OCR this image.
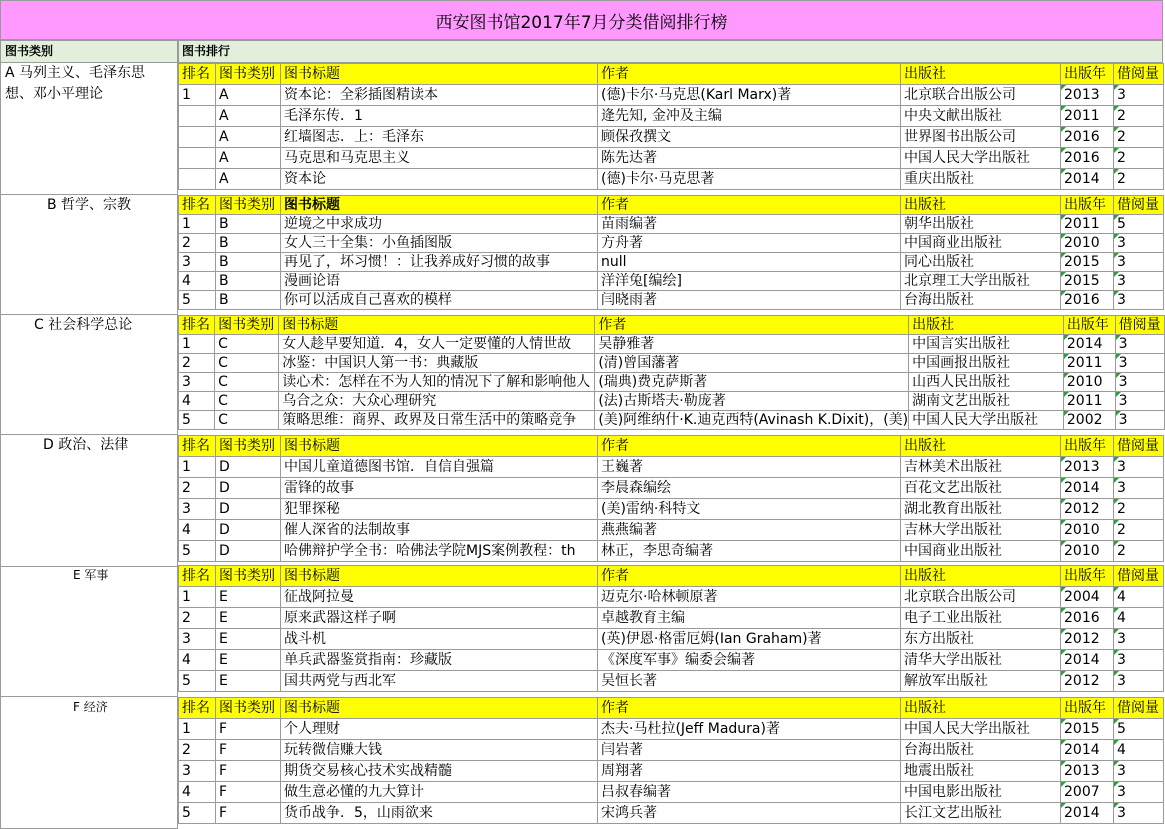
西安图书馆2017年7月分类借阅排行榜
图书类别	图书排行
A 马列主义、毛泽东思想、邓小平理论
排名	图书类别	图书标题	作者	出版社	出版年	借阅量
1	A	资本论：全彩插图精读本	(德)卡尔·马克思(Karl Marx)著	北京联合出版公司	2013	3
	A	毛泽东传．1	逄先知, 金冲及主编	中央文献出版社	2011	2
	A	红墙图志．上：毛泽东	顾保孜撰文	世界图书出版公司	2016	2
	A	马克思和马克思主义	陈先达著	中国人民大学出版社	2016	2
	A	资本论	(德)卡尔·马克思著	重庆出版社	2014	2
B 哲学、宗教	排名	图书类别	图书标题	作者	出版社	出版年	借阅量
1	B	逆境之中求成功	苗雨编著	朝华出版社	2011	5
2	B	女人三十全集：小鱼插图版	方舟著	中国商业出版社	2010	3
3	B	再见了，坏习惯！：让我养成好习惯的故事	null	同心出版社	2015	3
4	B	漫画论语	洋洋兔[编绘]	北京理工大学出版社	2015	3
5	B	你可以活成自己喜欢的模样	闫晓雨著	台海出版社	2016	3
C 社会科学总论	排名	图书类别	图书标题	作者	出版社	出版年	借阅量
1	C	女人趁早要知道．4，女人一定要懂的人情世故	吴静雅著	中国言实出版社	2014	3
2	C	冰鉴：中国识人第一书：典藏版	(清)曾国藩著	中国画报出版社	2011	3
3	C	读心术：怎样在不为人知的情况下了解和影响他人	(瑞典)费克萨斯著	山西人民出版社	2010	3
4	C	乌合之众：大众心理研究	(法)古斯塔夫·勒庞著	湖南文艺出版社	2011	3
5	C	策略思维：商界、政界及日常生活中的策略竞争	(美)阿维纳什·K.迪克西特(Avinash K.Dixit)，(美)	中国人民大学出版社	2002	3
D 政治、法律	排名	图书类别	图书标题	作者	出版社	出版年	借阅量
1	D	中国儿童道德图书馆．自信自强篇	王巍著	吉林美术出版社	2013	3
2	D	雷锋的故事	李晨森编绘	百花文艺出版社	2014	3
3	D	犯罪探秘	(美)雷纳·科特文	湖北教育出版社	2012	2
4	D	催人深省的法制故事	燕燕编著	吉林大学出版社	2010	2
5	D	哈佛辩护学全书：哈佛法学院MJS案例教程：th	林正，李思奇编著	中国商业出版社	2010	2
E 军事	排名	图书类别	图书标题	作者	出版社	出版年	借阅量
1	E	征战阿拉曼	迈克尔·哈林顿原著	北京联合出版公司	2004	4
2	E	原来武器这样子啊	卓越教育主编	电子工业出版社	2016	4
3	E	战斗机	(英)伊恩·格雷厄姆(Ian Graham)著	东方出版社	2012	3
4	E	单兵武器鉴赏指南：珍藏版	《深度军事》编委会编著	清华大学出版社	2014	3
5	E	国共两党与西北军	吴恒长著	解放军出版社	2012	3
F 经济	排名	图书类别	图书标题	作者	出版社	出版年	借阅量
1	F	个人理财	杰夫·马杜拉(Jeff Madura)著	中国人民大学出版社	2015	5
2	F	玩转微信赚大钱	闫岩著	台海出版社	2014	4
3	F	期货交易核心技术实战精髓	周翔著	地震出版社	2013	3
4	F	做生意必懂的九大算计	吕叔春编著	中国电影出版社	2007	3
5	F	货币战争．5，山雨欲来	宋鸿兵著	长江文艺出版社	2014	3
